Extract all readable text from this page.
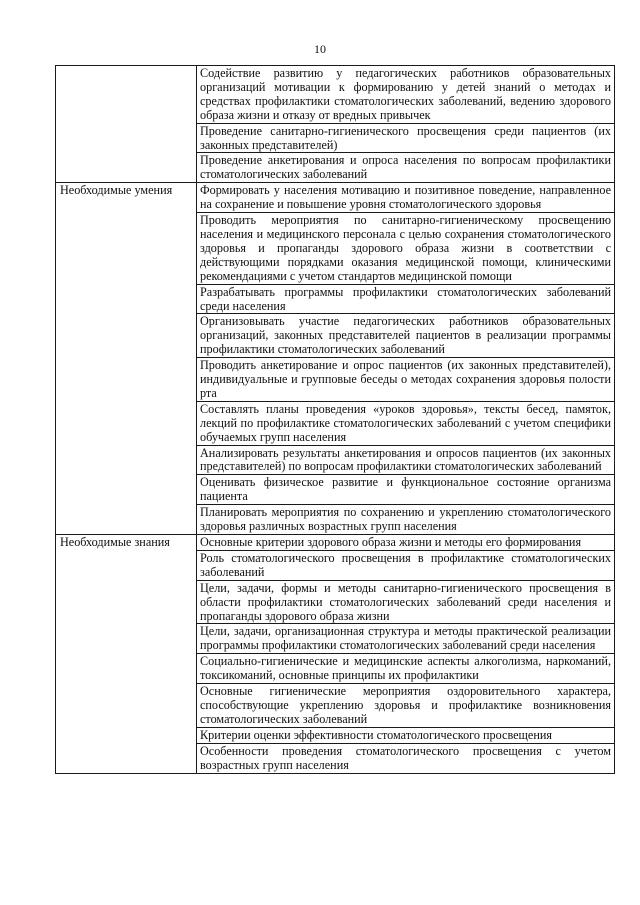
10
	Содействие развитию у педагогических работников образовательных организаций мотивации к формированию у детей знаний о методах и средствах профилактики стоматологических заболеваний, ведению здорового образа жизни и отказу от вредных привычек
	Проведение санитарно-гигиенического просвещения среди пациентов (их законных представителей)
	Проведение анкетирования и опроса населения по вопросам профилактики стоматологических заболеваний
Необходимые умения	Формировать у населения мотивацию и позитивное поведение, направленное на сохранение и повышение уровня стоматологического здоровья
	Проводить мероприятия по санитарно-гигиеническому просвещению населения и медицинского персонала с целью сохранения стоматологического здоровья и пропаганды здорового образа жизни в соответствии с действующими порядками оказания медицинской помощи, клиническими рекомендациями с учетом стандартов медицинской помощи
	Разрабатывать программы профилактики стоматологических заболеваний среди населения
	Организовывать участие педагогических работников образовательных организаций, законных представителей пациентов в реализации программы профилактики стоматологических заболеваний
	Проводить анкетирование и опрос пациентов (их законных представителей), индивидуальные и групповые беседы о методах сохранения здоровья полости рта
	Составлять планы проведения «уроков здоровья», тексты бесед, памяток, лекций по профилактике стоматологических заболеваний с учетом специфики обучаемых групп населения
	Анализировать результаты анкетирования и опросов пациентов (их законных представителей) по вопросам профилактики стоматологических заболеваний
	Оценивать физическое развитие и функциональное состояние организма пациента
	Планировать мероприятия по сохранению и укреплению стоматологического здоровья различных возрастных групп населения
Необходимые знания	Основные критерии здорового образа жизни и методы его формирования
	Роль стоматологического просвещения в профилактике стоматологических заболеваний
	Цели, задачи, формы и методы санитарно-гигиенического просвещения в области профилактики стоматологических заболеваний среди населения и пропаганды здорового образа жизни
	Цели, задачи, организационная структура и методы практической реализации программы профилактики стоматологических заболеваний среди населения
	Социально-гигиенические и медицинские аспекты алкоголизма, наркоманий, токсикоманий, основные принципы их профилактики
	Основные гигиенические мероприятия оздоровительного характера, способствующие укреплению здоровья и профилактике возникновения стоматологических заболеваний
	Критерии оценки эффективности стоматологического просвещения
	Особенности проведения стоматологического просвещения с учетом возрастных групп населения
